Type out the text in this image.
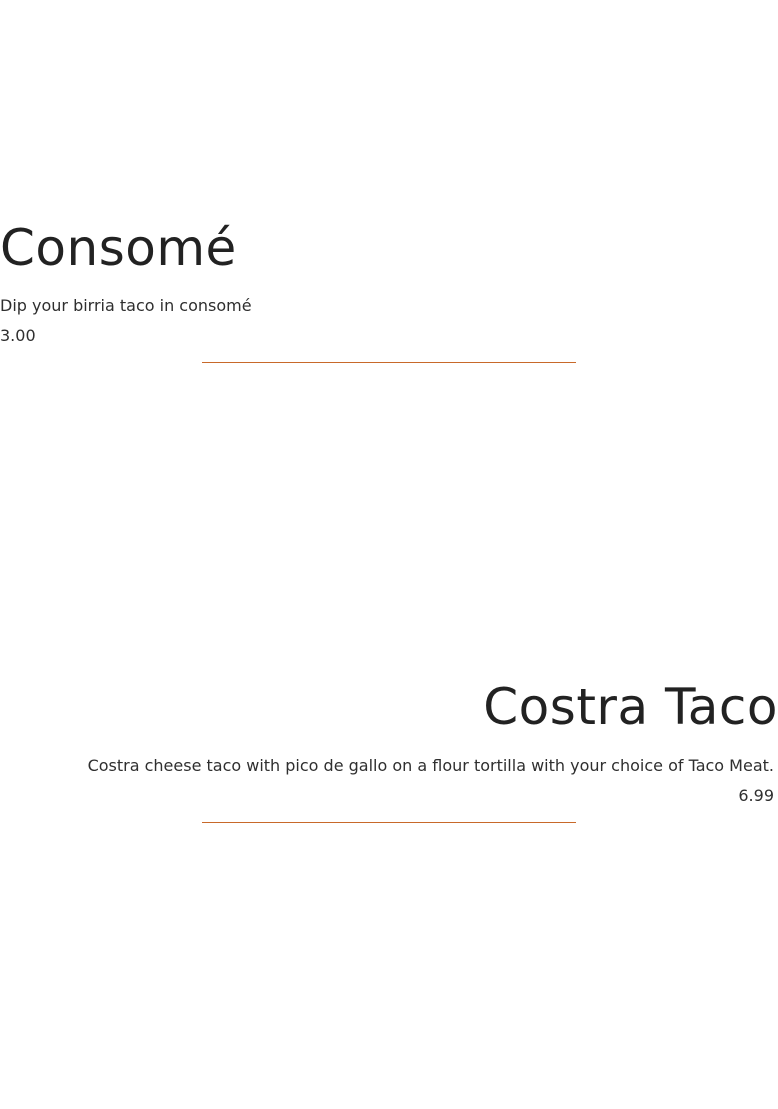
Consomé

Dip your birria taco in consomé

3.00

Costra Taco

Costra cheese taco with pico de gallo on a flour tortilla with your choice of Taco Meat.

6.99
